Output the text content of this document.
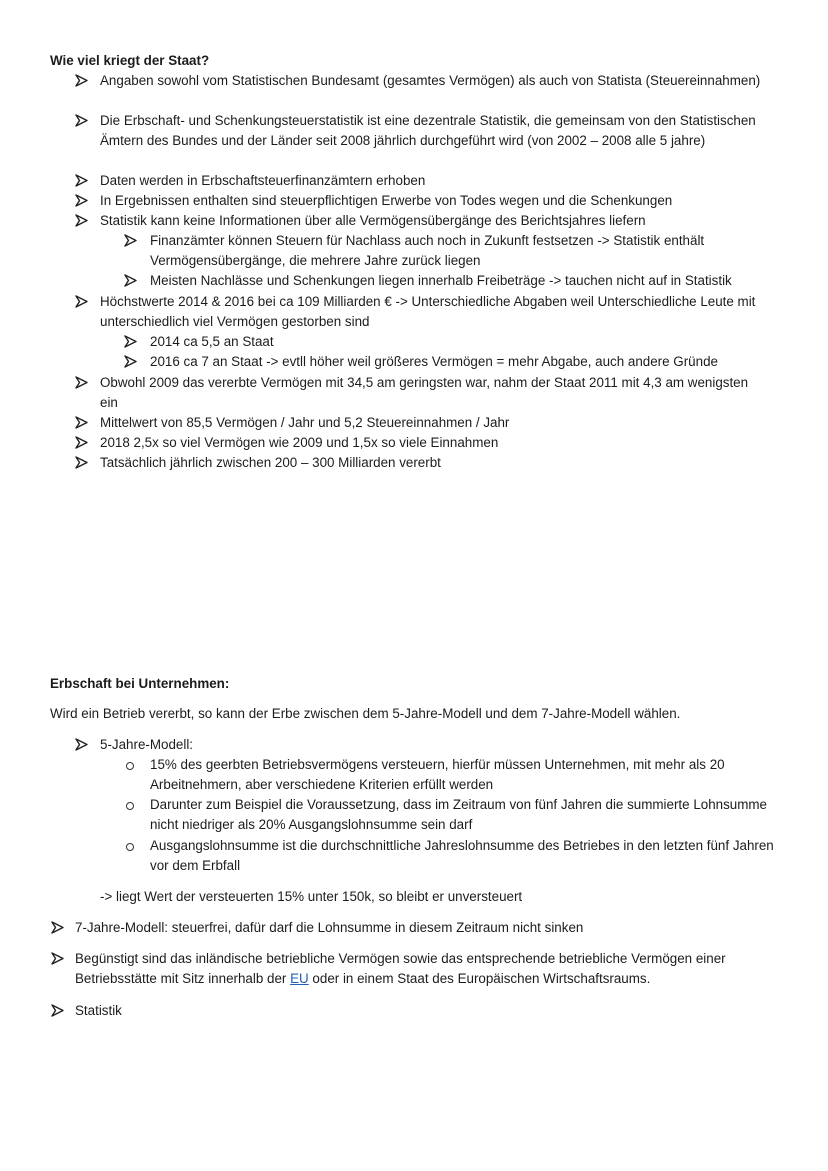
Wie viel kriegt der Staat?
Angaben sowohl vom Statistischen Bundesamt (gesamtes Vermögen) als auch von Statista (Steuereinnahmen)
Die Erbschaft- und Schenkungsteuerstatistik ist eine dezentrale Statistik, die gemeinsam von den Statistischen Ämtern des Bundes und der Länder seit 2008 jährlich durchgeführt wird (von 2002 – 2008 alle 5 jahre)
Daten werden in Erbschaftsteuerfinanzämtern erhoben
In Ergebnissen enthalten sind steuerpflichtigen Erwerbe von Todes wegen und die Schenkungen
Statistik kann keine Informationen über alle Vermögensübergänge des Berichtsjahres liefern
Finanzämter können Steuern für Nachlass auch noch in Zukunft festsetzen -> Statistik enthält Vermögensübergänge, die mehrere Jahre zurück liegen
Meisten Nachlässe und Schenkungen liegen innerhalb Freibeträge -> tauchen nicht auf in Statistik
Höchstwerte 2014 & 2016 bei ca 109 Milliarden € -> Unterschiedliche Abgaben weil Unterschiedliche Leute mit unterschiedlich viel Vermögen gestorben sind
2014 ca 5,5 an Staat
2016 ca 7 an Staat -> evtll höher weil größeres Vermögen = mehr Abgabe, auch andere Gründe
Obwohl 2009 das vererbte Vermögen mit 34,5 am geringsten war, nahm der Staat 2011 mit 4,3 am wenigsten ein
Mittelwert von 85,5 Vermögen / Jahr und 5,2 Steuereinnahmen / Jahr
2018 2,5x so viel Vermögen wie 2009 und 1,5x so viele Einnahmen
Tatsächlich jährlich zwischen 200 – 300 Milliarden vererbt
Erbschaft bei Unternehmen:
Wird ein Betrieb vererbt, so kann der Erbe zwischen dem 5-Jahre-Modell und dem 7-Jahre-Modell wählen.
5-Jahre-Modell:
15% des geerbten Betriebsvermögens versteuern, hierfür müssen Unternehmen, mit mehr als 20 Arbeitnehmern, aber verschiedene Kriterien erfüllt werden
Darunter zum Beispiel die Voraussetzung, dass im Zeitraum von fünf Jahren die summierte Lohnsumme nicht niedriger als 20% Ausgangslohnsumme sein darf
Ausgangslohnsumme ist die durchschnittliche Jahreslohnsumme des Betriebes in den letzten fünf Jahren vor dem Erbfall
-> liegt Wert der versteuerten 15% unter 150k, so bleibt er unversteuert
7-Jahre-Modell: steuerfrei, dafür darf die Lohnsumme in diesem Zeitraum nicht sinken
Begünstigt sind das inländische betriebliche Vermögen sowie das entsprechende betriebliche Vermögen einer Betriebsstätte mit Sitz innerhalb der EU oder in einem Staat des Europäischen Wirtschaftsraums.
Statistik
